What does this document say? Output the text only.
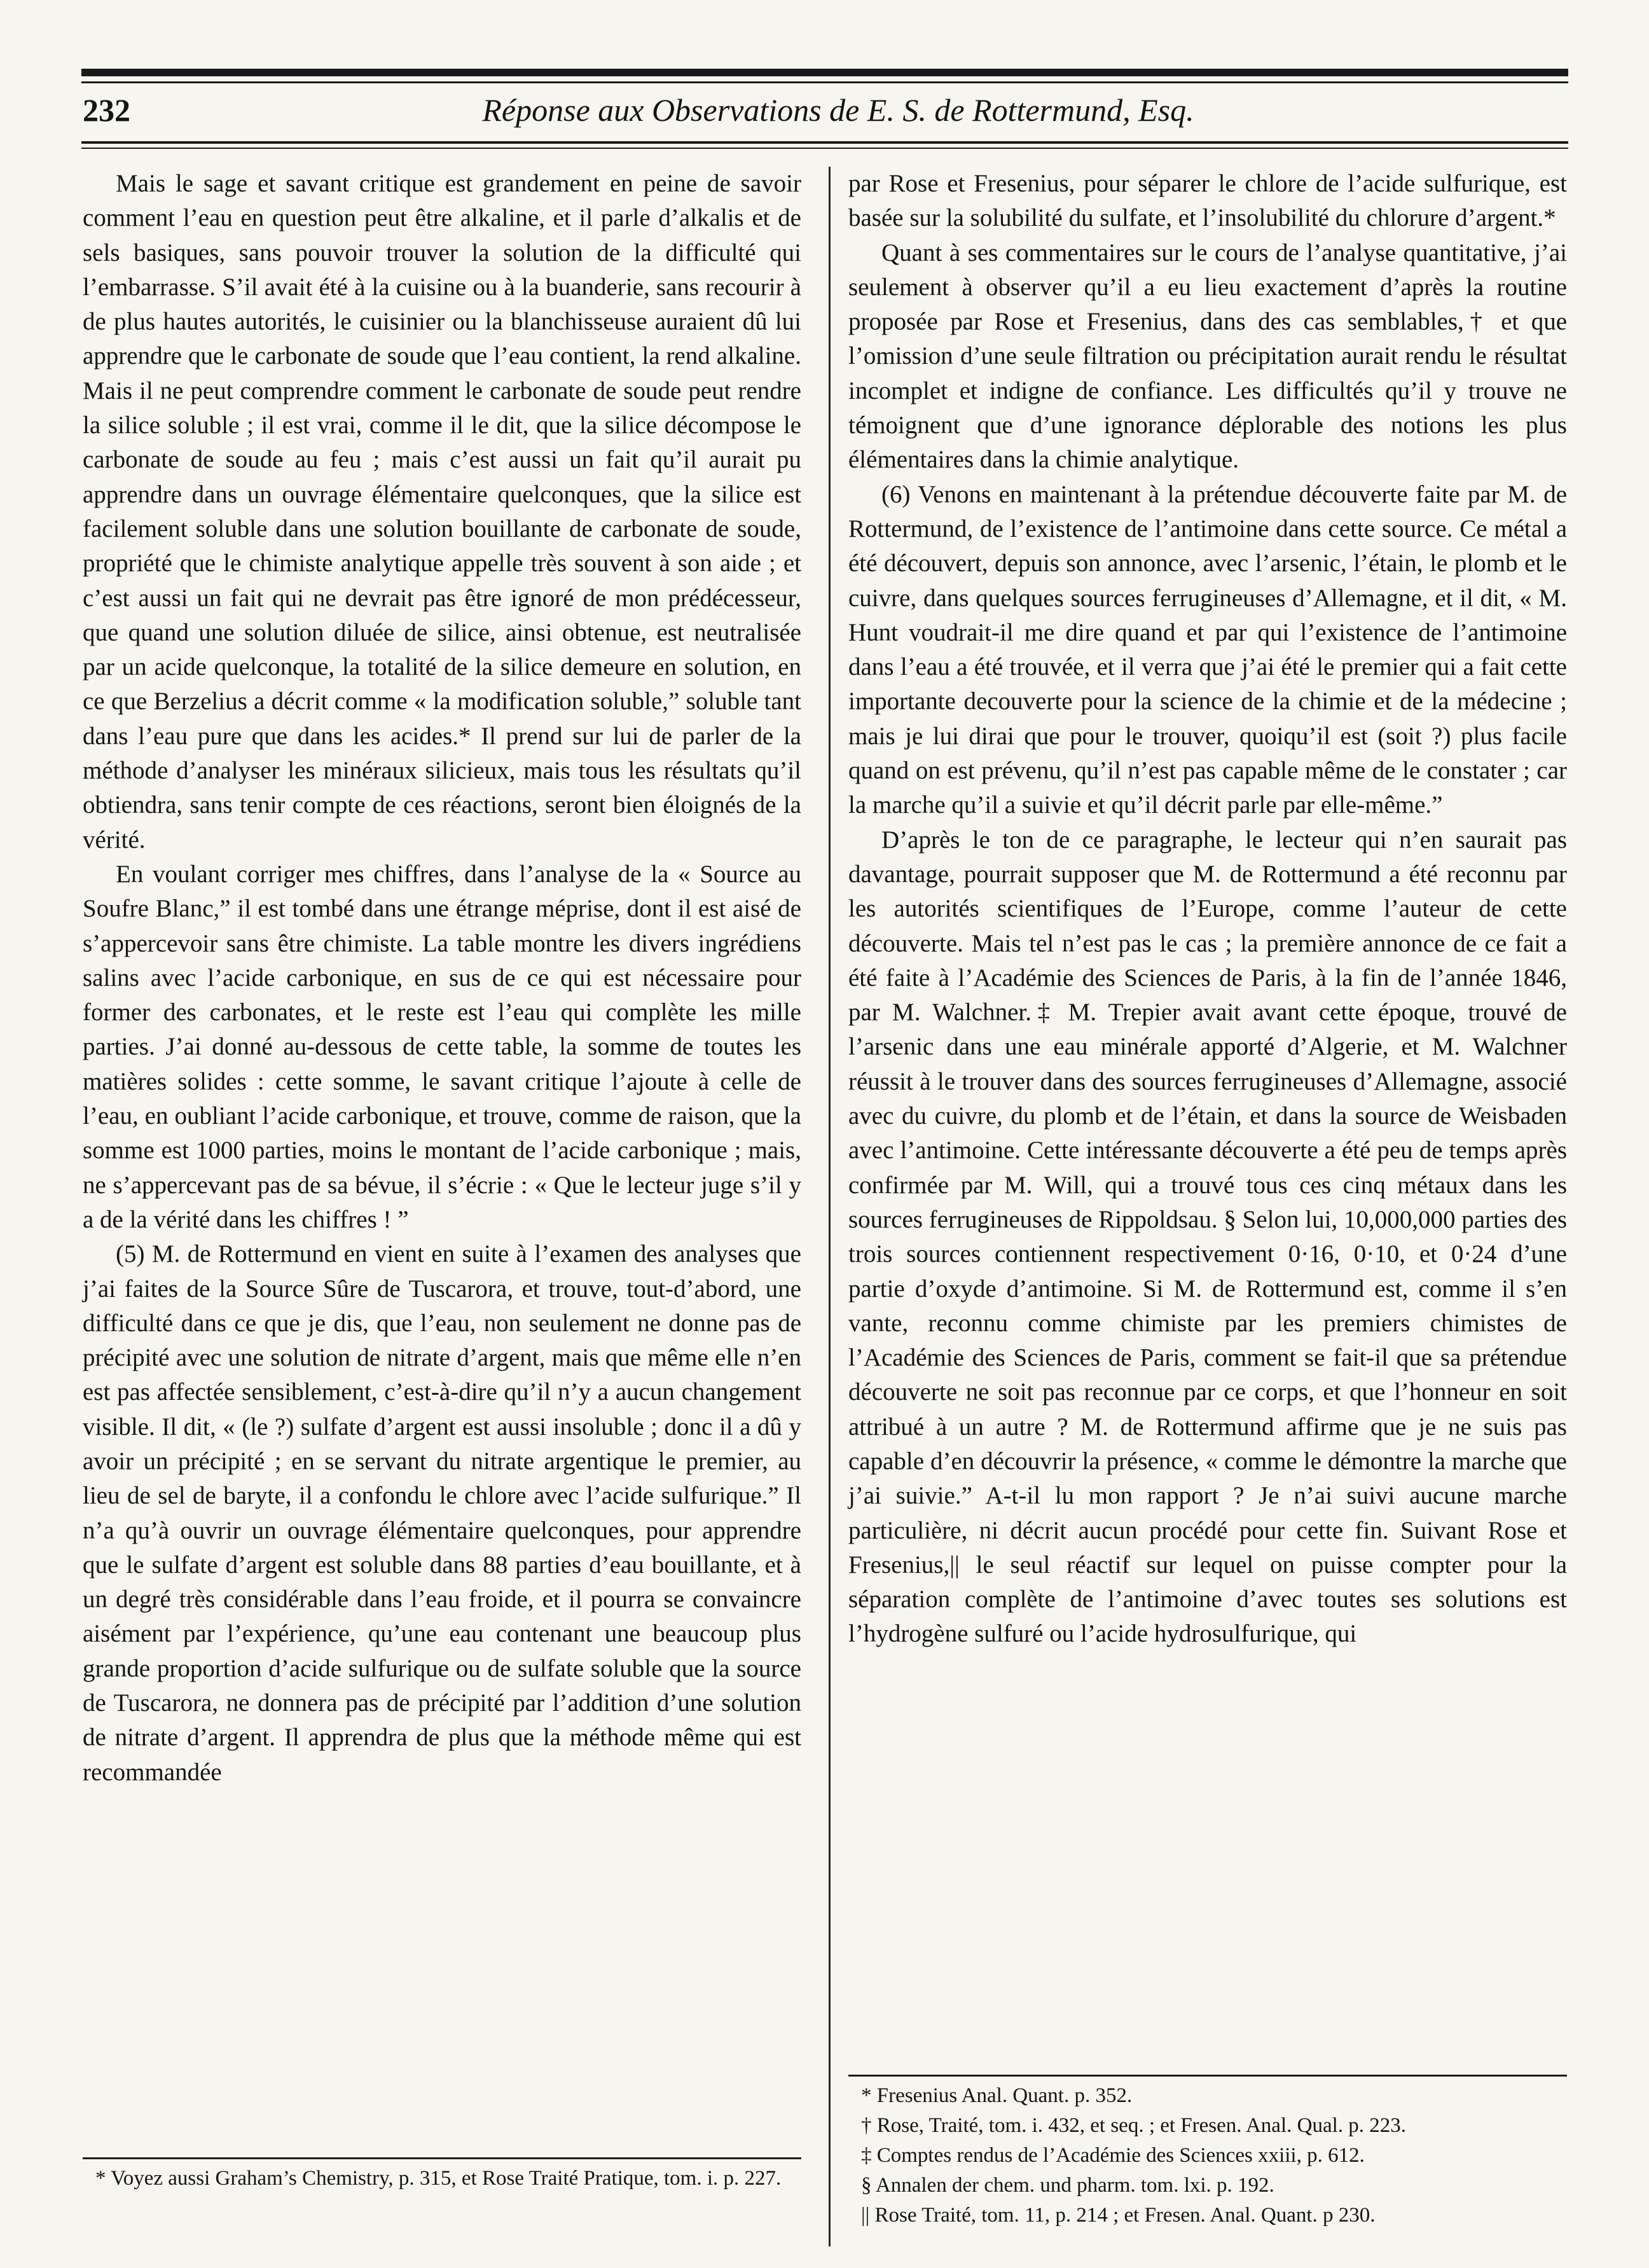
232	Réponse aux Observations de E. S. de Rottermund, Esq.

Mais le sage et savant critique est grandement en peine de savoir comment l’eau en question peut être alkaline, et il parle d’alkalis et de sels basiques, sans pouvoir trouver la solution de la difficulté qui l’embarrasse. S’il avait été à la cuisine ou à la buanderie, sans recourir à de plus hautes autorités, le cuisinier ou la blanchisseuse auraient dû lui apprendre que le carbonate de soude que l’eau contient, la rend alkaline. Mais il ne peut comprendre comment le carbonate de soude peut rendre la silice soluble ; il est vrai, comme il le dit, que la silice décompose le carbonate de soude au feu ; mais c’est aussi un fait qu’il aurait pu apprendre dans un ouvrage élémentaire quelconques, que la silice est facilement soluble dans une solution bouillante de carbonate de soude, propriété que le chimiste analytique appelle très souvent à son aide ; et c’est aussi un fait qui ne devrait pas être ignoré de mon prédécesseur, que quand une solution diluée de silice, ainsi obtenue, est neutralisée par un acide quelconque, la totalité de la silice demeure en solution, en ce que Berzelius a décrit comme « la modification soluble,” soluble tant dans l’eau pure que dans les acides.* Il prend sur lui de parler de la méthode d’analyser les minéraux silicieux, mais tous les résultats qu’il obtiendra, sans tenir compte de ces réactions, seront bien éloignés de la vérité.

En voulant corriger mes chiffres, dans l’analyse de la « Source au Soufre Blanc,” il est tombé dans une étrange méprise, dont il est aisé de s’appercevoir sans être chimiste. La table montre les divers ingrédiens salins avec l’acide carbonique, en sus de ce qui est nécessaire pour former des carbonates, et le reste est l’eau qui complète les mille parties. J’ai donné au-dessous de cette table, la somme de toutes les matières solides : cette somme, le savant critique l’ajoute à celle de l’eau, en oubliant l’acide carbonique, et trouve, comme de raison, que la somme est 1000 parties, moins le montant de l’acide carbonique ; mais, ne s’appercevant pas de sa bévue, il s’écrie : « Que le lecteur juge s’il y a de la vérité dans les chiffres ! ”

(5) M. de Rottermund en vient en suite à l’examen des analyses que j’ai faites de la Source Sûre de Tuscarora, et trouve, tout-d’abord, une difficulté dans ce que je dis, que l’eau, non seulement ne donne pas de précipité avec une solution de nitrate d’argent, mais que même elle n’en est pas affectée sensiblement, c’est-à-dire qu’il n’y a aucun changement visible. Il dit, « (le ?) sulfate d’argent est aussi insoluble ; donc il a dû y avoir un précipité ; en se servant du nitrate argentique le premier, au lieu de sel de baryte, il a confondu le chlore avec l’acide sulfurique.” Il n’a qu’à ouvrir un ouvrage élémentaire quelconques, pour apprendre que le sulfate d’argent est soluble dans 88 parties d’eau bouillante, et à un degré très considérable dans l’eau froide, et il pourra se convaincre aisément par l’expérience, qu’une eau contenant une beaucoup plus grande proportion d’acide sulfurique ou de sulfate soluble que la source de Tuscarora, ne donnera pas de précipité par l’addition d’une solution de nitrate d’argent. Il apprendra de plus que la méthode même qui est recommandée

par Rose et Fresenius, pour séparer le chlore de l’acide sulfurique, est basée sur la solubilité du sulfate, et l’insolubilité du chlorure d’argent.*

Quant à ses commentaires sur le cours de l’analyse quantitative, j’ai seulement à observer qu’il a eu lieu exactement d’après la routine proposée par Rose et Fresenius, dans des cas semblables,† et que l’omission d’une seule filtration ou précipitation aurait rendu le résultat incomplet et indigne de confiance. Les difficultés qu’il y trouve ne témoignent que d’une ignorance déplorable des notions les plus élémentaires dans la chimie analytique.

(6) Venons en maintenant à la prétendue découverte faite par M. de Rottermund, de l’existence de l’antimoine dans cette source. Ce métal a été découvert, depuis son annonce, avec l’arsenic, l’étain, le plomb et le cuivre, dans quelques sources ferrugineuses d’Allemagne, et il dit, « M. Hunt voudrait-il me dire quand et par qui l’existence de l’antimoine dans l’eau a été trouvée, et il verra que j’ai été le premier qui a fait cette importante decouverte pour la science de la chimie et de la médecine ; mais je lui dirai que pour le trouver, quoiqu’il est (soit ?) plus facile quand on est prévenu, qu’il n’est pas capable même de le constater ; car la marche qu’il a suivie et qu’il décrit parle par elle-même.”

D’après le ton de ce paragraphe, le lecteur qui n’en saurait pas davantage, pourrait supposer que M. de Rottermund a été reconnu par les autorités scientifiques de l’Europe, comme l’auteur de cette découverte. Mais tel n’est pas le cas ; la première annonce de ce fait a été faite à l’Académie des Sciences de Paris, à la fin de l’année 1846, par M. Walchner.‡ M. Trepier avait avant cette époque, trouvé de l’arsenic dans une eau minérale apporté d’Algerie, et M. Walchner réussit à le trouver dans des sources ferrugineuses d’Allemagne, associé avec du cuivre, du plomb et de l’étain, et dans la source de Weisbaden avec l’antimoine. Cette intéressante découverte a été peu de temps après confirmée par M. Will, qui a trouvé tous ces cinq métaux dans les sources ferrugineuses de Rippoldsau. § Selon lui, 10,000,000 parties des trois sources contiennent respectivement 0·16, 0·10, et 0·24 d’une partie d’oxyde d’antimoine. Si M. de Rottermund est, comme il s’en vante, reconnu comme chimiste par les premiers chimistes de l’Académie des Sciences de Paris, comment se fait-il que sa prétendue découverte ne soit pas reconnue par ce corps, et que l’honneur en soit attribué à un autre ? M. de Rottermund affirme que je ne suis pas capable d’en découvrir la présence, « comme le démontre la marche que j’ai suivie.” A-t-il lu mon rapport ? Je n’ai suivi aucune marche particulière, ni décrit aucun procédé pour cette fin. Suivant Rose et Fresenius,|| le seul réactif sur lequel on puisse compter pour la séparation complète de l’antimoine d’avec toutes ses solutions est l’hydrogène sulfuré ou l’acide hydrosulfurique, qui

* Voyez aussi Graham’s Chemistry, p. 315, et Rose Traité Pratique, tom. i. p. 227.

* Fresenius Anal. Quant. p. 352.

† Rose, Traité, tom. i. 432, et seq. ; et Fresen. Anal. Qual. p. 223.

‡ Comptes rendus de l’Académie des Sciences xxiii, p. 612.

§ Annalen der chem. und pharm. tom. lxi. p. 192.

|| Rose Traité, tom. 11, p. 214 ; et Fresen. Anal. Quant. p 230.
